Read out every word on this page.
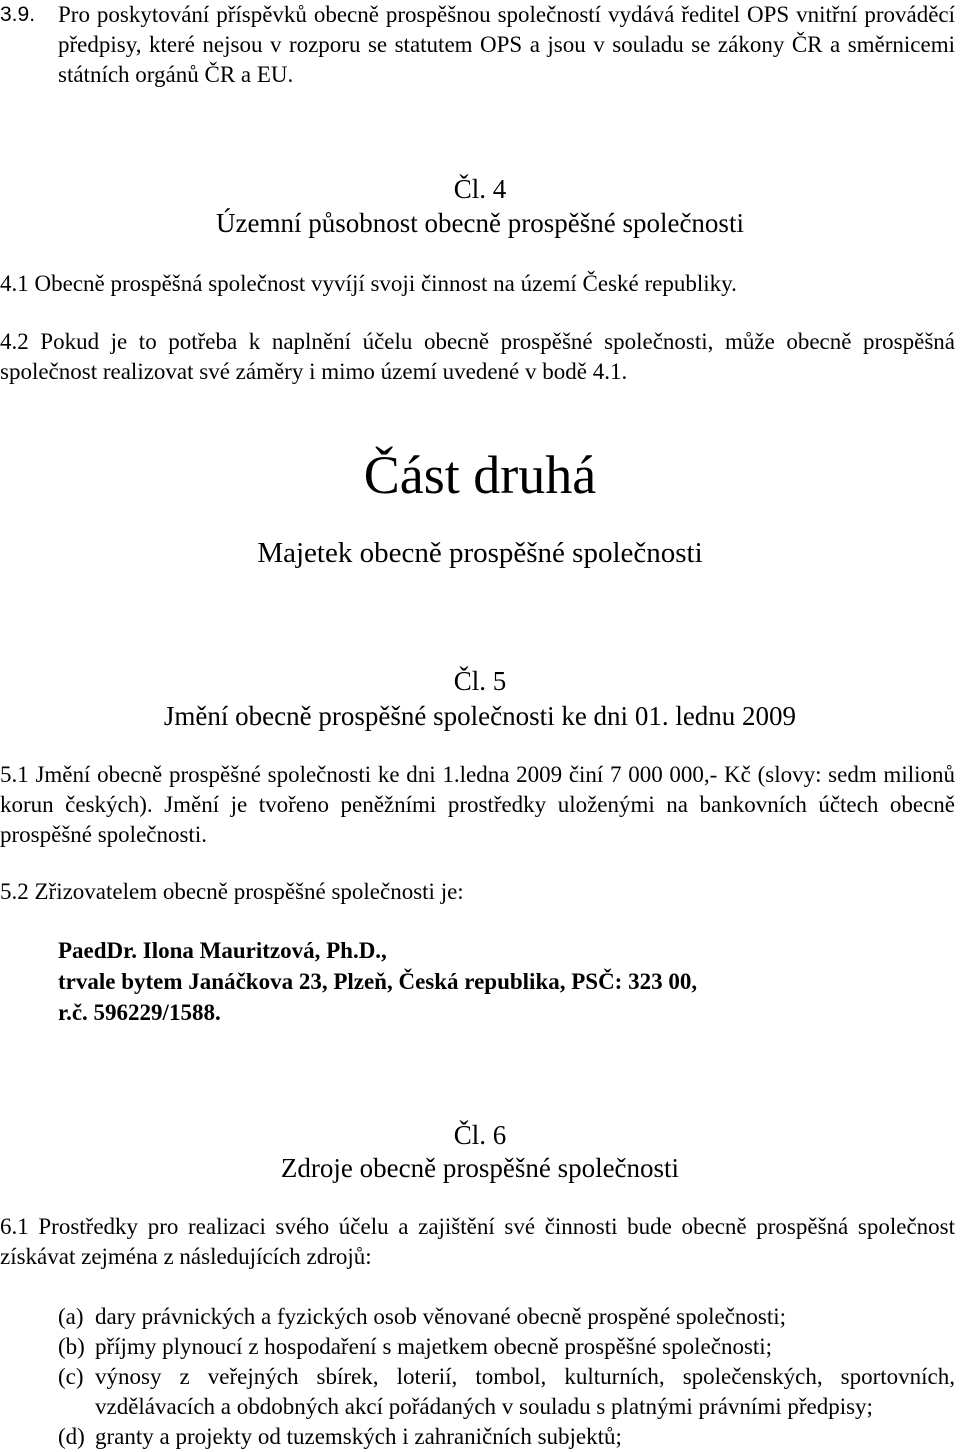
3.9. Pro poskytování příspěvků obecně prospěšnou společností vydává ředitel OPS vnitřní prováděcí předpisy, které nejsou v rozporu se statutem OPS a jsou v souladu se zákony ČR a směrnicemi státních orgánů ČR a EU.
Čl. 4
Územní působnost obecně prospěšné společnosti
4.1 Obecně prospěšná společnost vyvíjí svoji činnost na území České republiky.
4.2 Pokud je to potřeba k naplnění účelu obecně prospěšné společnosti, může obecně prospěšná společnost realizovat své záměry i mimo území uvedené v bodě 4.1.
Část druhá
Majetek obecně prospěšné společnosti
Čl. 5
Jmění obecně prospěšné společnosti ke dni 01. lednu 2009
5.1 Jmění obecně prospěšné společnosti ke dni 1.ledna 2009 činí 7 000 000,- Kč (slovy: sedm milionů korun českých). Jmění je tvořeno peněžními prostředky uloženými na bankovních účtech obecně prospěšné společnosti.
5.2 Zřizovatelem obecně prospěšné společnosti je:
PaedDr. Ilona Mauritzová, Ph.D.,
trvale bytem Janáčkova 23, Plzeň, Česká republika, PSČ: 323 00,
r.č. 596229/1588.
Čl. 6
Zdroje obecně prospěšné společnosti
6.1 Prostředky pro realizaci svého účelu a zajištění své činnosti bude obecně prospěšná společnost získávat zejména z následujících zdrojů:
(a) dary právnických a fyzických osob věnované obecně prospěné společnosti;
(b) příjmy plynoucí z hospodaření s majetkem obecně prospěšné společnosti;
(c) výnosy z veřejných sbírek, loterií, tombol, kulturních, společenských, sportovních, vzdělávacích a obdobných akcí pořádaných v souladu s platnými právními předpisy;
(d) granty a projekty od tuzemských i zahraničních subjektů;
